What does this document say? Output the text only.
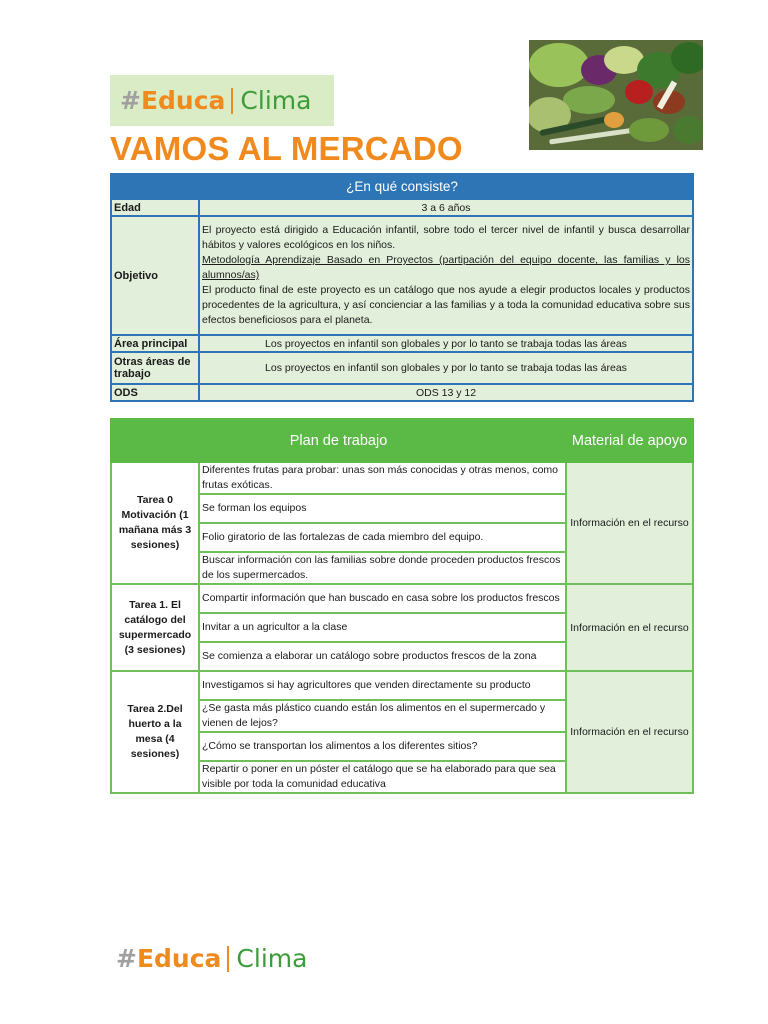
# Educa Clima
VAMOS AL MERCADO
¿En qué consiste?	
Edad	3 a 6 años
Objetivo	El proyecto está dirigido a Educación infantil, sobre todo el tercer nivel de infantil y busca desarrollar hábitos y valores ecológicos en los niños.
Metodología Aprendizaje Basado en Proyectos (partipación del equipo docente, las familias y los alumnos/as)
El producto final de este proyecto es un catálogo que nos ayude a elegir productos locales y productos procedentes de la agricultura, y así concienciar a las familias y a toda la comunidad educativa sobre sus efectos beneficiosos para el planeta.

Área principal	Los proyectos en infantil son globales y por lo tanto se trabaja todas las áreas
Otras áreas de trabajo	Los proyectos en infantil son globales y por lo tanto se trabaja todas las áreas
ODS	ODS 13 y 12
Plan de trabajo		Material de apoyo
Tarea 0 Motivación (1 mañana más 3 sesiones)	Diferentes frutas para probar: unas son más conocidas y otras menos, como frutas exóticas.	Información en el recurso
	Se forman los equipos	
	Folio giratorio de las fortalezas de cada miembro del equipo.	
	Buscar información con las familias sobre donde proceden productos frescos de los supermercados.	
Tarea 1. El catálogo del supermercado (3 sesiones)	Compartir información que han buscado en casa sobre los productos frescos	Información en el recurso
	Invitar a un agricultor a la clase	
	Se comienza a elaborar un catálogo sobre productos frescos de la zona	
Tarea 2.Del huerto a la mesa (4 sesiones)	Investigamos si hay agricultores que venden directamente su producto	Información en el recurso
	¿Se gasta más plástico cuando están los alimentos en el supermercado y vienen de lejos?	
	¿Cómo se transportan los alimentos a los diferentes sitios?	
	Repartir o poner en un póster el catálogo que se ha elaborado para que sea visible por toda la comunidad educativa	
# Educa Clima
